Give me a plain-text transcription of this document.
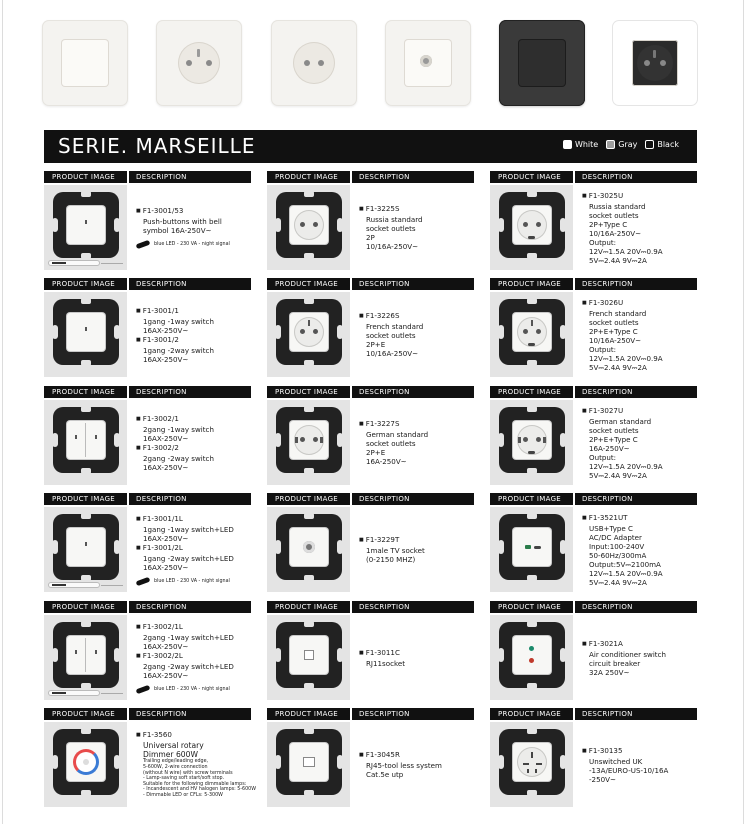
SERIE. MARSEILLE	White	Gray	Black
PRODUCT IMAGE	DESCRIPTION
■ F1-3001/53
Push-buttons with bell
symbol 16A-250V~
blue LED - 230 VA - night signal
PRODUCT IMAGE	DESCRIPTION
■ F1-3225S
Russia standard
socket outlets
2P
10/16A-250V~
PRODUCT IMAGE	DESCRIPTION
■ F1-3025U
Russia standard
socket outlets
2P+Type C
10/16A-250V~
Output:
12V⎓1.5A 20V⎓0.9A
5V⎓2.4A 9V⎓2A
PRODUCT IMAGE	DESCRIPTION
■ F1-3001/1
1gang -1way switch
16AX-250V~
■ F1-3001/2
1gang -2way switch
16AX-250V~
PRODUCT IMAGE	DESCRIPTION
■ F1-3226S
French standard
socket outlets
2P+E
10/16A-250V~
PRODUCT IMAGE	DESCRIPTION
■ F1-3026U
French standard
socket outlets
2P+E+Type C
10/16A-250V~
Output:
12V⎓1.5A 20V⎓0.9A
5V⎓2.4A 9V⎓2A
PRODUCT IMAGE	DESCRIPTION
■ F1-3002/1
2gang -1way switch
16AX-250V~
■ F1-3002/2
2gang -2way switch
16AX-250V~
PRODUCT IMAGE	DESCRIPTION
■ F1-3227S
German standard
socket outlets
2P+E
16A-250V~
PRODUCT IMAGE	DESCRIPTION
■ F1-3027U
German standard
socket outlets
2P+E+Type C
16A-250V~
Output:
12V⎓1.5A 20V⎓0.9A
5V⎓2.4A 9V⎓2A
PRODUCT IMAGE	DESCRIPTION
■ F1-3001/1L
1gang -1way switch+LED
16AX-250V~
■ F1-3001/2L
1gang -2way switch+LED
16AX-250V~
blue LED - 230 VA - night signal
PRODUCT IMAGE	DESCRIPTION
■ F1-3229T
1male TV socket
(0-2150 MHZ)
PRODUCT IMAGE	DESCRIPTION
■ F1-3521UT
USB+Type C
AC/DC Adapter
Input:100-240V
50-60Hz/300mA
Output:5V⎓2100mA
12V⎓1.5A 20V⎓0.9A
5V⎓2.4A 9V⎓2A
PRODUCT IMAGE	DESCRIPTION
■ F1-3002/1L
2gang -1way switch+LED
16AX-250V~
■ F1-3002/2L
2gang -2way switch+LED
16AX-250V~
blue LED - 230 VA - night signal
PRODUCT IMAGE	DESCRIPTION
■ F1-3011C
RJ11socket
PRODUCT IMAGE	DESCRIPTION
■ F1-3021A
Air conditioner switch
circuit breaker
32A 250V~
PRODUCT IMAGE	DESCRIPTION
■ F1-3560
Universal rotary
Dimmer 600W
Trailing edge/leading edge,
5-600W, 2-wire connection
(without N wire) with screw terminals
- Lamp-saving soft start/soft stop.
Suitable for the following dimmable lamps:
- Incandescent and HV halogen lamps: 5-600W
- Dimmable LED or CFLs: 5-300W
PRODUCT IMAGE	DESCRIPTION
■ F1-3045R
RJ45-tool less system
Cat.5e utp
PRODUCT IMAGE	DESCRIPTION
■ F1-30135
Unswitched UK
-13A/EURO-US-10/16A
-250V~
